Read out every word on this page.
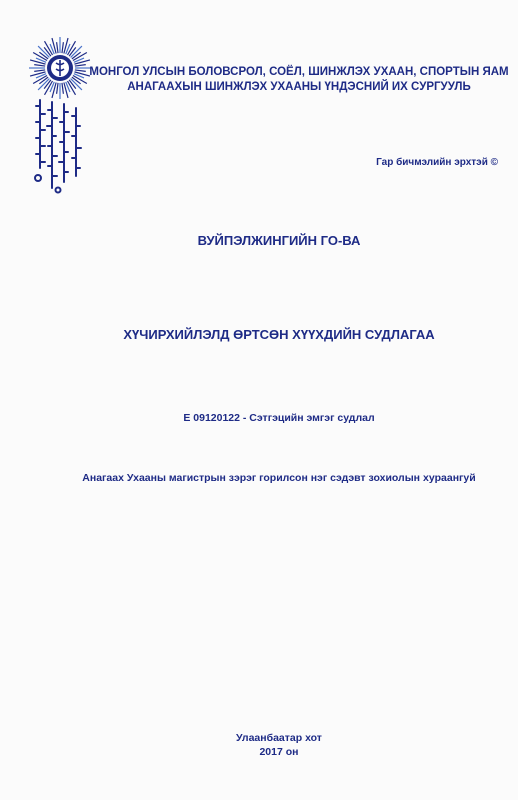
МОНГОЛ УЛСЫН БОЛОВСРОЛ, СОЁЛ, ШИНЖЛЭХ УХААН, СПОРТЫН ЯАМ
АНАГААХЫН ШИНЖЛЭХ УХААНЫ ҮНДЭСНИЙ ИХ СУРГУУЛЬ
Гар бичмэлийн эрхтэй ©
ВУЙПЭЛЖИНГИЙН ГО-ВА
ХҮЧИРХИЙЛЭЛД ӨРТСӨН ХҮҮХДИЙН СУДЛАГАА
Е 09120122 - Сэтгэцийн эмгэг судлал
Анагаах Ухааны магистрын зэрэг горилсон нэг сэдэвт зохиолын хураангуй
Улаанбаатар хот
2017 он
